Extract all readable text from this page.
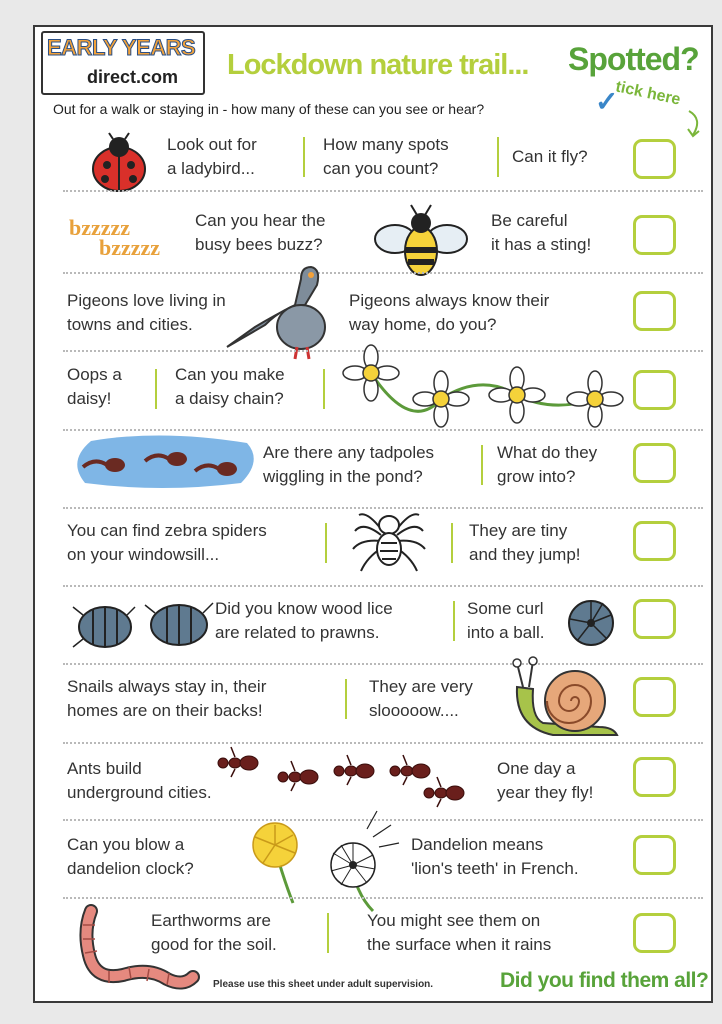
EARLY YEARS
direct.com Lockdown nature trail... Spotted?
Out for a walk or staying in - how many of these can you see or hear?	✓
tick here
Look out for
a ladybird...
How many spots
can you count?
Can it fly?
bzzzzz
bzzzzz
Can you hear the
busy bees buzz?
Be careful
it has a sting!
Pigeons love living in
towns and cities.
Pigeons always know their
way home, do you?
Oops a
daisy!
Can you make
a daisy chain?
Are there any tadpoles
wiggling in the pond?
What do they
grow into?
You can find zebra spiders
on your windowsill...
They are tiny
and they jump!
Did you know wood lice
are related to prawns.
Some curl
into a ball.
Snails always stay in, their
homes are on their backs!
They are very
slooooow....
Ants build
underground cities.
One day a
year they fly!
Can you blow a
dandelion clock?
Dandelion means
'lion's teeth' in French.
Earthworms are
good for the soil.
You might see them on
the surface when it rains
Please use this sheet under adult supervision.	Did you find them all?
